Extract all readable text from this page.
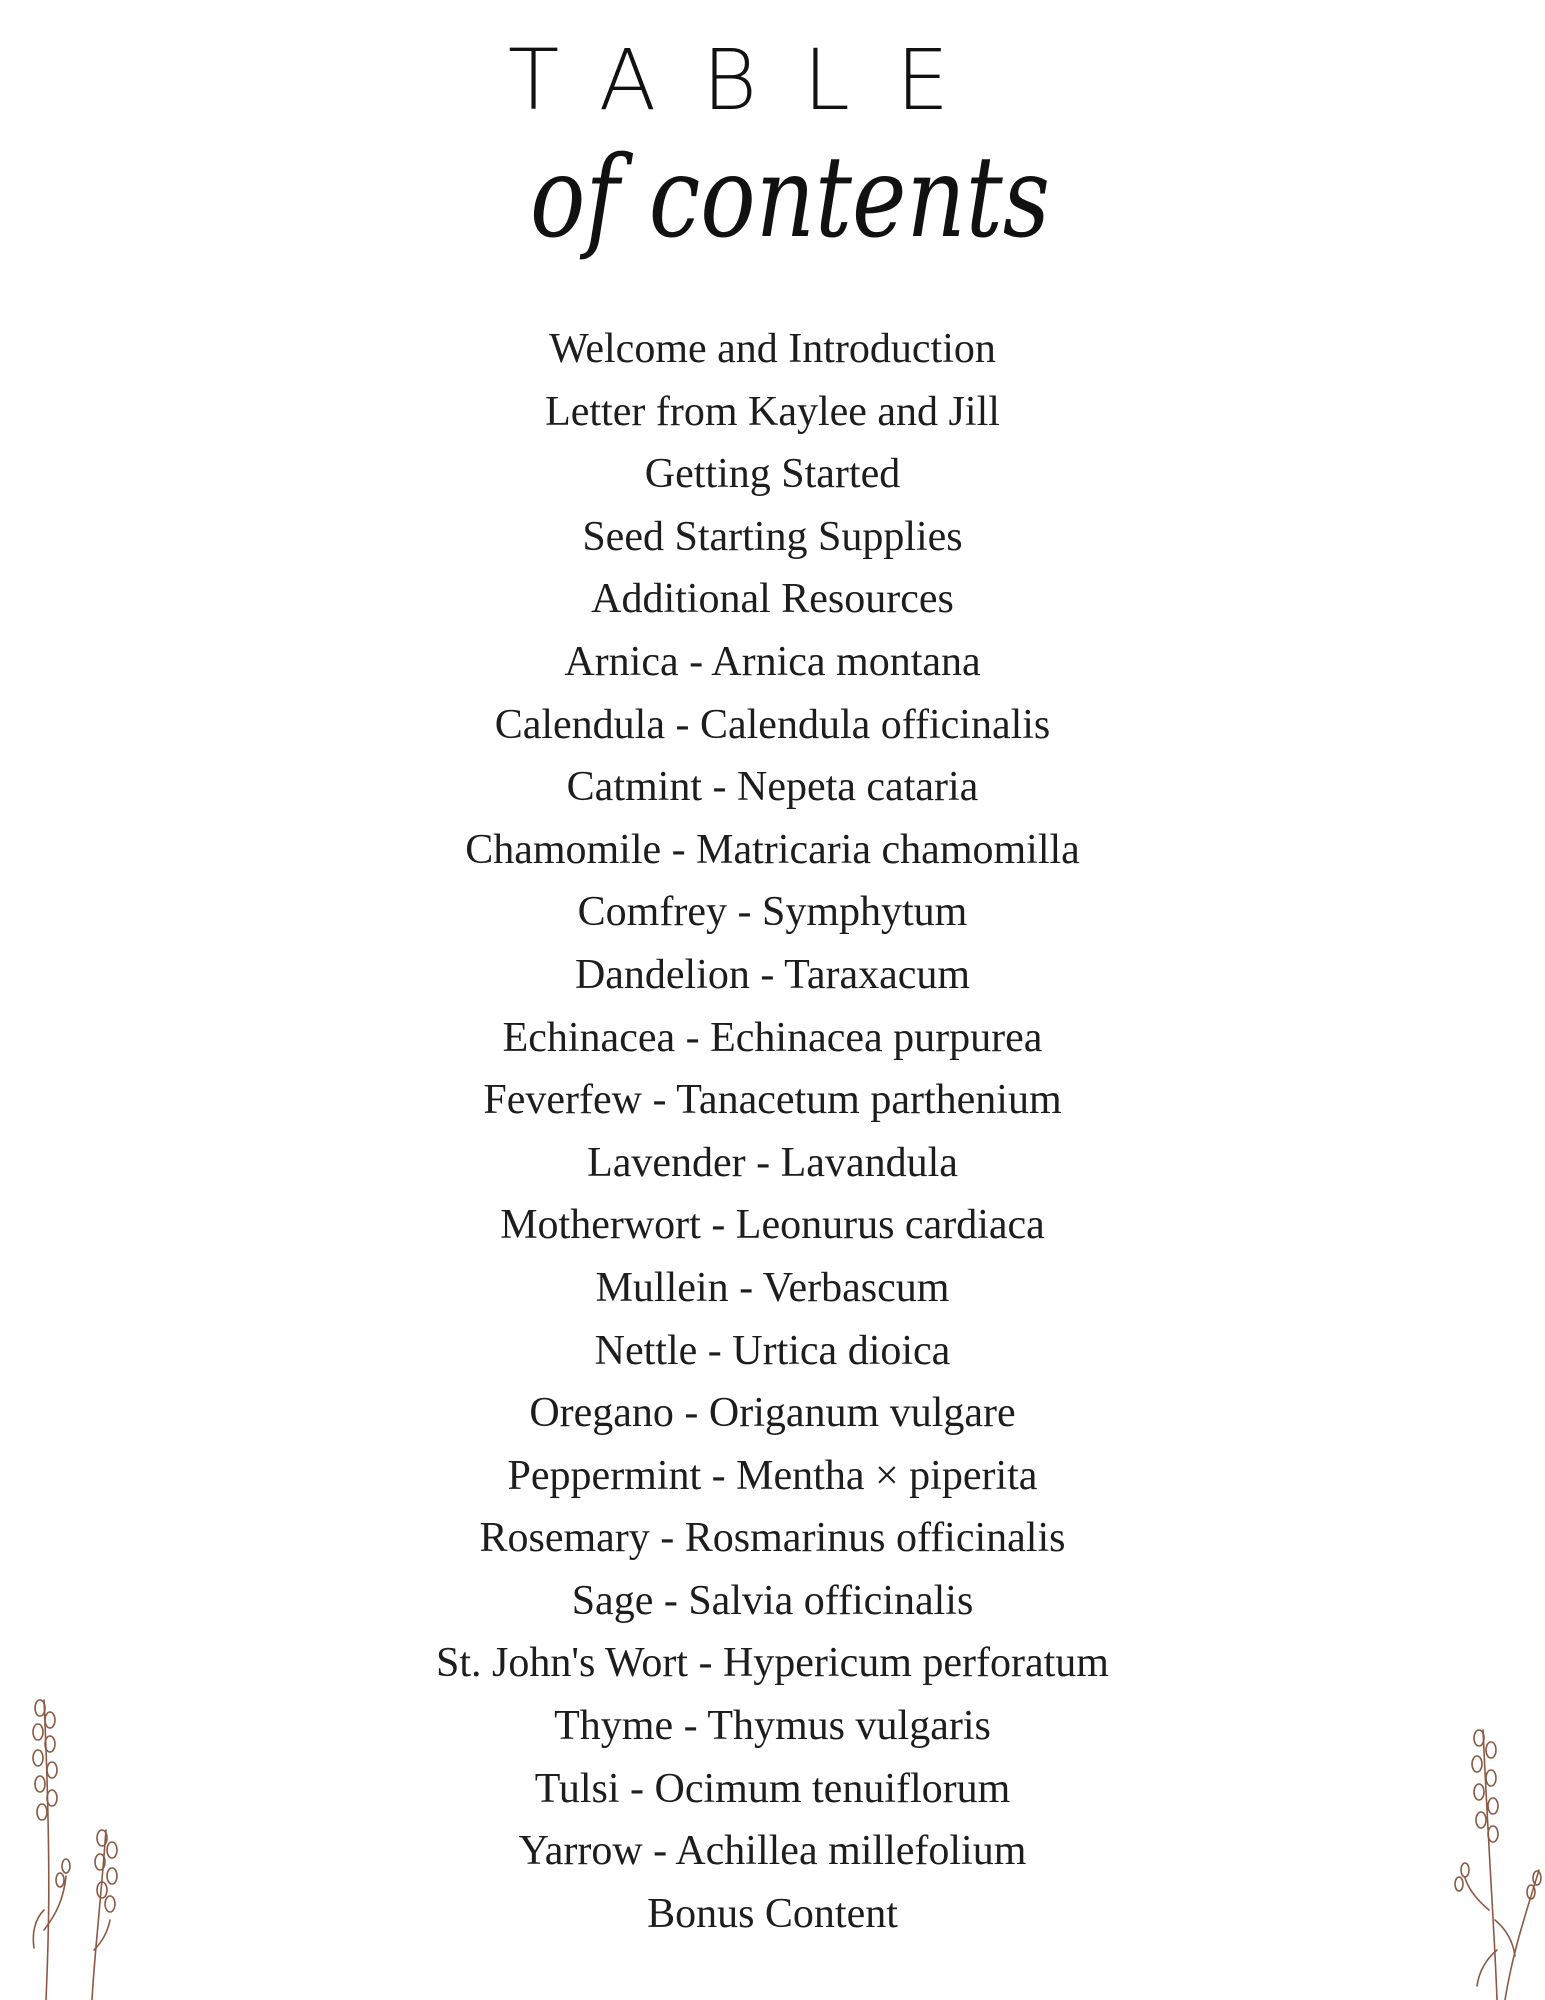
TABLE
of contents
Welcome and Introduction
Letter from Kaylee and Jill
Getting Started
Seed Starting Supplies
Additional Resources
Arnica - Arnica montana
Calendula - Calendula officinalis
Catmint - Nepeta cataria
Chamomile - Matricaria chamomilla
Comfrey - Symphytum
Dandelion - Taraxacum
Echinacea - Echinacea purpurea
Feverfew - Tanacetum parthenium
Lavender - Lavandula
Motherwort - Leonurus cardiaca
Mullein - Verbascum
Nettle - Urtica dioica
Oregano - Origanum vulgare
Peppermint - Mentha × piperita
Rosemary - Rosmarinus officinalis
Sage - Salvia officinalis
St. John's Wort - Hypericum perforatum
Thyme - Thymus vulgaris
Tulsi - Ocimum tenuiflorum
Yarrow - Achillea millefolium
Bonus Content
